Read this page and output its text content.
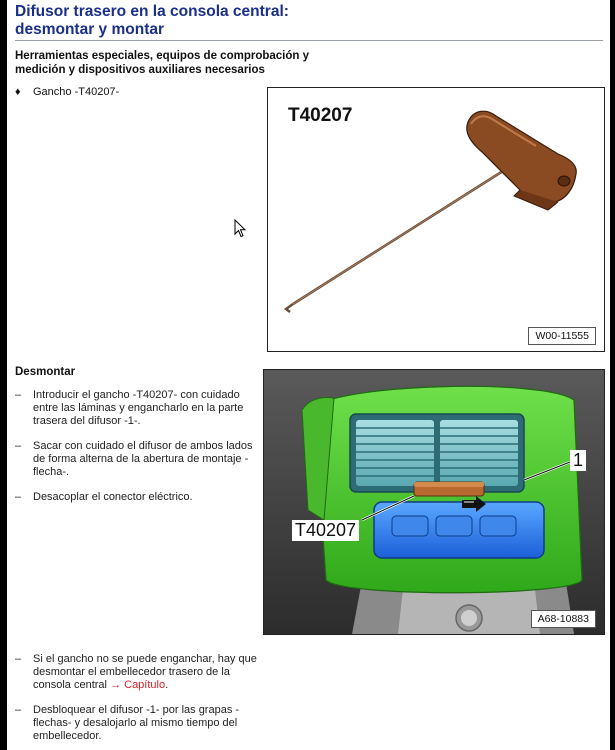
Difusor trasero en la consola central:
desmontar y montar
Herramientas especiales, equipos de comprobación y
medición y dispositivos auxiliares necesarios
♦ Gancho -T40207-
T40207
W00-11555
Desmontar
– Introducir el gancho -T40207- con cuidado entre las láminas y engancharlo en la parte trasera del difusor -1-.
– Sacar con cuidado el difusor de ambos lados de forma alterna de la abertura de montaje -flecha-.
– Desacoplar el conector eléctrico.
T40207
1
A68-10883
– Si el gancho no se puede enganchar, hay que desmontar el embellecedor trasero de la consola central → Capítulo.
– Desbloquear el difusor -1- por las grapas -flechas- y desalojarlo al mismo tiempo del embellecedor.
